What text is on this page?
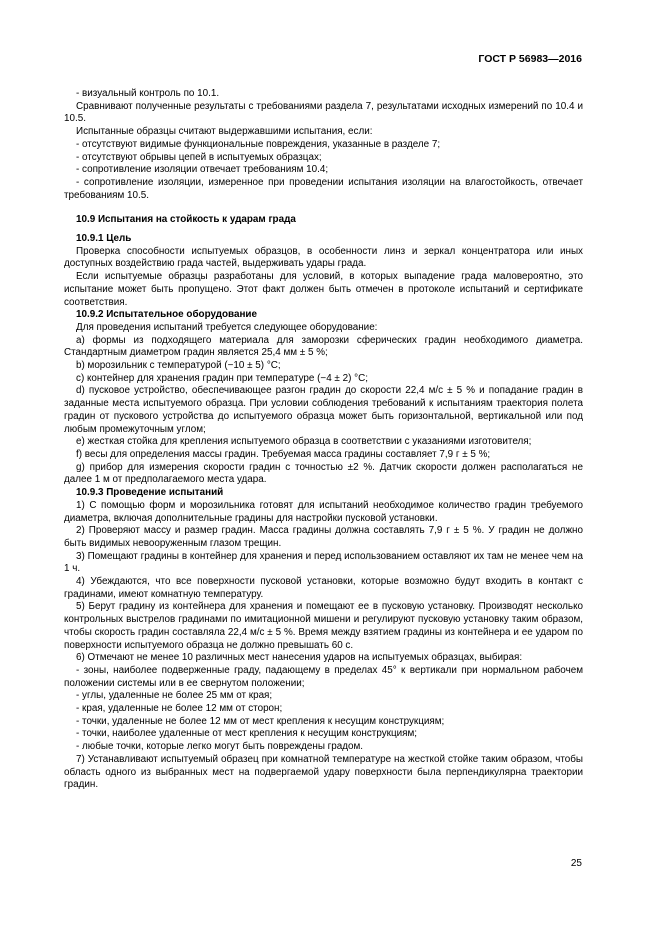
ГОСТ Р 56983—2016

- визуальный контроль по 10.1.

Сравнивают полученные результаты с требованиями раздела 7, результатами исходных измерений по 10.4 и 10.5.

Испытанные образцы считают выдержавшими испытания, если:

- отсутствуют видимые функциональные повреждения, указанные в разделе 7;

- отсутствуют обрывы цепей в испытуемых образцах;

- сопротивление изоляции отвечает требованиям 10.4;

- сопротивление изоляции, измеренное при проведении испытания изоляции на влагостойкость, отвечает требованиям 10.5.

10.9 Испытания на стойкость к ударам града

10.9.1 Цель

Проверка способности испытуемых образцов, в особенности линз и зеркал концентратора или иных доступных воздействию града частей, выдерживать удары града.

Если испытуемые образцы разработаны для условий, в которых выпадение града маловероятно, это испытание может быть пропущено. Этот факт должен быть отмечен в протоколе испытаний и сертификате соответствия.

10.9.2 Испытательное оборудование

Для проведения испытаний требуется следующее оборудование:

a) формы из подходящего материала для заморозки сферических градин необходимого диаметра. Стандартным диаметром градин является 25,4 мм ± 5 %;

b) морозильник с температурой (−10 ± 5) °C;

c) контейнер для хранения градин при температуре (−4 ± 2) °C;

d) пусковое устройство, обеспечивающее разгон градин до скорости 22,4 м/с ± 5 % и попадание градин в заданные места испытуемого образца. При условии соблюдения требований к испытаниям траектория полета градин от пускового устройства до испытуемого образца может быть горизонтальной, вертикальной или под любым промежуточным углом;

e) жесткая стойка для крепления испытуемого образца в соответствии с указаниями изготовителя;

f) весы для определения массы градин. Требуемая масса градины составляет 7,9 г ± 5 %;

g) прибор для измерения скорости градин с точностью ±2 %. Датчик скорости должен располагаться не далее 1 м от предполагаемого места удара.

10.9.3 Проведение испытаний

1) С помощью форм и морозильника готовят для испытаний необходимое количество градин требуемого диаметра, включая дополнительные градины для настройки пусковой установки.

2) Проверяют массу и размер градин. Масса градины должна составлять 7,9 г ± 5 %. У градин не должно быть видимых невооруженным глазом трещин.

3) Помещают градины в контейнер для хранения и перед использованием оставляют их там не менее чем на 1 ч.

4) Убеждаются, что все поверхности пусковой установки, которые возможно будут входить в контакт с градинами, имеют комнатную температуру.

5) Берут градину из контейнера для хранения и помещают ее в пусковую установку. Производят несколько контрольных выстрелов градинами по имитационной мишени и регулируют пусковую установку таким образом, чтобы скорость градин составляла 22,4 м/с ± 5 %. Время между взятием градины из контейнера и ее ударом по поверхности испытуемого образца не должно превышать 60 с.

6) Отмечают не менее 10 различных мест нанесения ударов на испытуемых образцах, выбирая:

- зоны, наиболее подверженные граду, падающему в пределах 45° к вертикали при нормальном рабочем положении системы или в ее свернутом положении;

- углы, удаленные не более 25 мм от края;

- края, удаленные не более 12 мм от сторон;

- точки, удаленные не более 12 мм от мест крепления к несущим конструкциям;

- точки, наиболее удаленные от мест крепления к несущим конструкциям;

- любые точки, которые легко могут быть повреждены градом.

7) Устанавливают испытуемый образец при комнатной температуре на жесткой стойке таким образом, чтобы область одного из выбранных мест на подвергаемой удару поверхности была перпендикулярна траектории градин.

25
